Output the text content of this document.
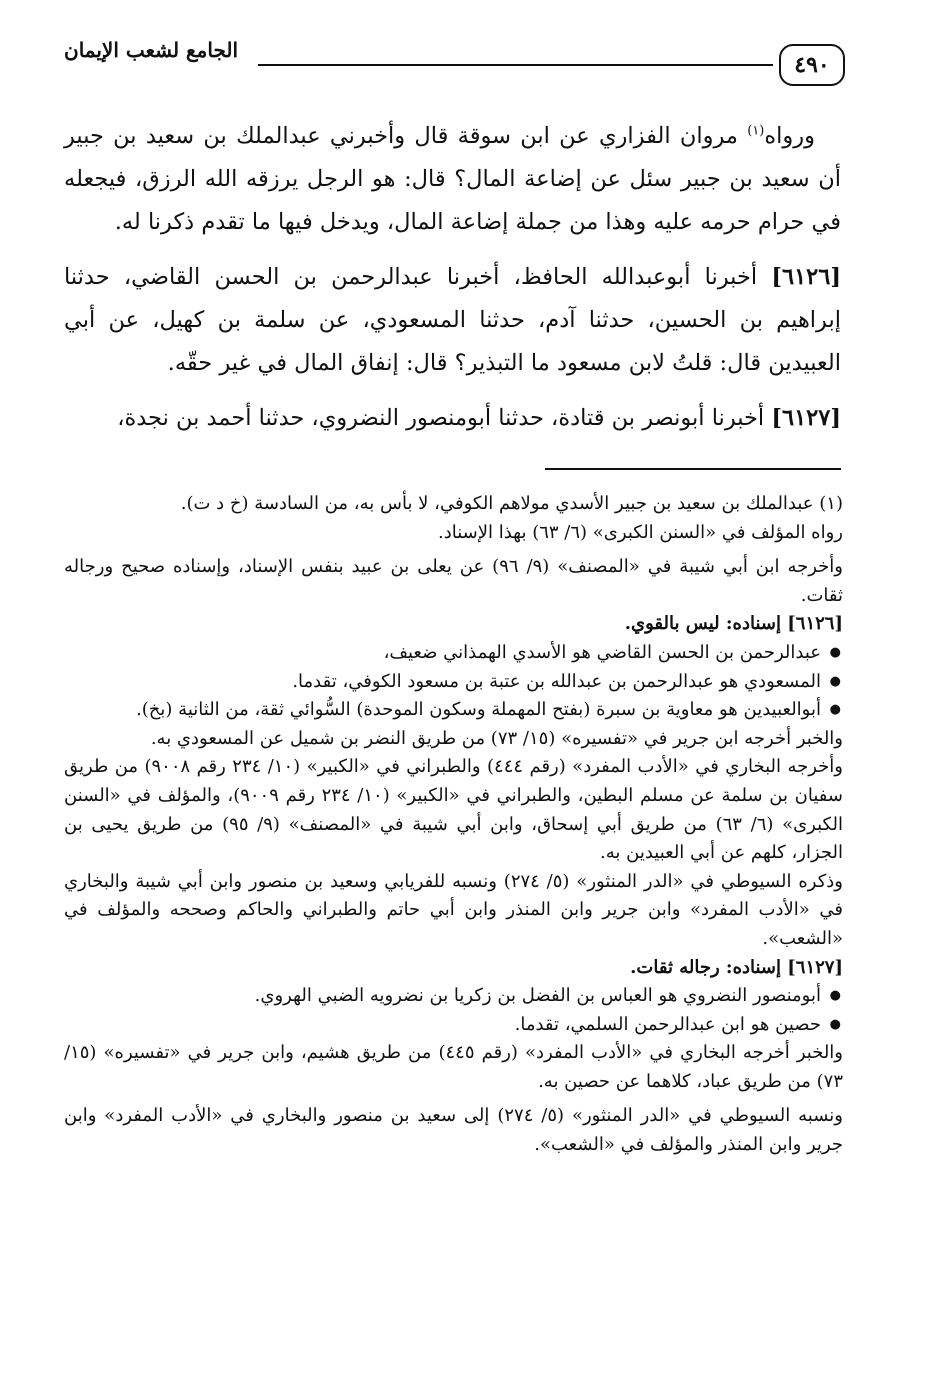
الجامع لشعب الإيمان
٤٩٠

ورواه$^{(١)}$ مروان الفزاري عن ابن سوقة قال وأخبرني عبدالملك بن سعيد بن جبير أن سعيد بن جبير سئل عن إضاعة المال؟ قال: هو الرجل يرزقه الله الرزق، فيجعله في حرام حرمه عليه وهذا من جملة إضاعة المال، ويدخل فيها ما تقدم ذكرنا له.

[٦١٢٦] أخبرنا أبوعبدالله الحافظ، أخبرنا عبدالرحمن بن الحسن القاضي، حدثنا إبراهيم بن الحسين، حدثنا آدم، حدثنا المسعودي، عن سلمة بن كهيل، عن أبي العبيدين قال: قلتُ لابن مسعود ما التبذير؟ قال: إنفاق المال في غير حقّه.

[٦١٢٧] أخبرنا أبونصر بن قتادة، حدثنا أبومنصور النضروي، حدثنا أحمد بن نجدة،

(١) عبدالملك بن سعيد بن جبير الأسدي مولاهم الكوفي، لا بأس به، من السادسة (خ د ت).

رواه المؤلف في «السنن الكبرى» (٦/ ٦٣) بهذا الإسناد.

وأخرجه ابن أبي شيبة في «المصنف» (٩/ ٩٦) عن يعلى بن عبيد بنفس الإسناد، وإسناده صحيح ورجاله ثقات.

[٦١٢٦] إسناده: ليس بالقوي.

● عبدالرحمن بن الحسن القاضي هو الأسدي الهمذاني ضعيف،

● المسعودي هو عبدالرحمن بن عبدالله بن عتبة بن مسعود الكوفي، تقدما.

● أبوالعبيدين هو معاوية بن سبرة (بفتح المهملة وسكون الموحدة) السُّوائي ثقة، من الثانية (بخ).

والخبر أخرجه ابن جرير في «تفسيره» (١٥/ ٧٣) من طريق النضر بن شميل عن المسعودي به.

وأخرجه البخاري في «الأدب المفرد» (رقم ٤٤٤) والطبراني في «الكبير» (١٠/ ٢٣٤ رقم ٩٠٠٨) من طريق سفيان بن سلمة عن مسلم البطين، والطبراني في «الكبير» (١٠/ ٢٣٤ رقم ٩٠٠٩)، والمؤلف في «السنن الكبرى» (٦/ ٦٣) من طريق أبي إسحاق، وابن أبي شيبة في «المصنف» (٩/ ٩٥) من طريق يحيى بن الجزار، كلهم عن أبي العبيدين به.

وذكره السيوطي في «الدر المنثور» (٥/ ٢٧٤) ونسبه للفريابي وسعيد بن منصور وابن أبي شيبة والبخاري في «الأدب المفرد» وابن جرير وابن المنذر وابن أبي حاتم والطبراني والحاكم وصححه والمؤلف في «الشعب».

[٦١٢٧] إسناده: رجاله ثقات.

● أبومنصور النضروي هو العباس بن الفضل بن زكريا بن نضرويه الضبي الهروي.

● حصين هو ابن عبدالرحمن السلمي، تقدما.

والخبر أخرجه البخاري في «الأدب المفرد» (رقم ٤٤٥) من طريق هشيم، وابن جرير في «تفسيره» (١٥/ ٧٣) من طريق عباد، كلاهما عن حصين به.

ونسبه السيوطي في «الدر المنثور» (٥/ ٢٧٤) إلى سعيد بن منصور والبخاري في «الأدب المفرد» وابن جرير وابن المنذر والمؤلف في «الشعب».
